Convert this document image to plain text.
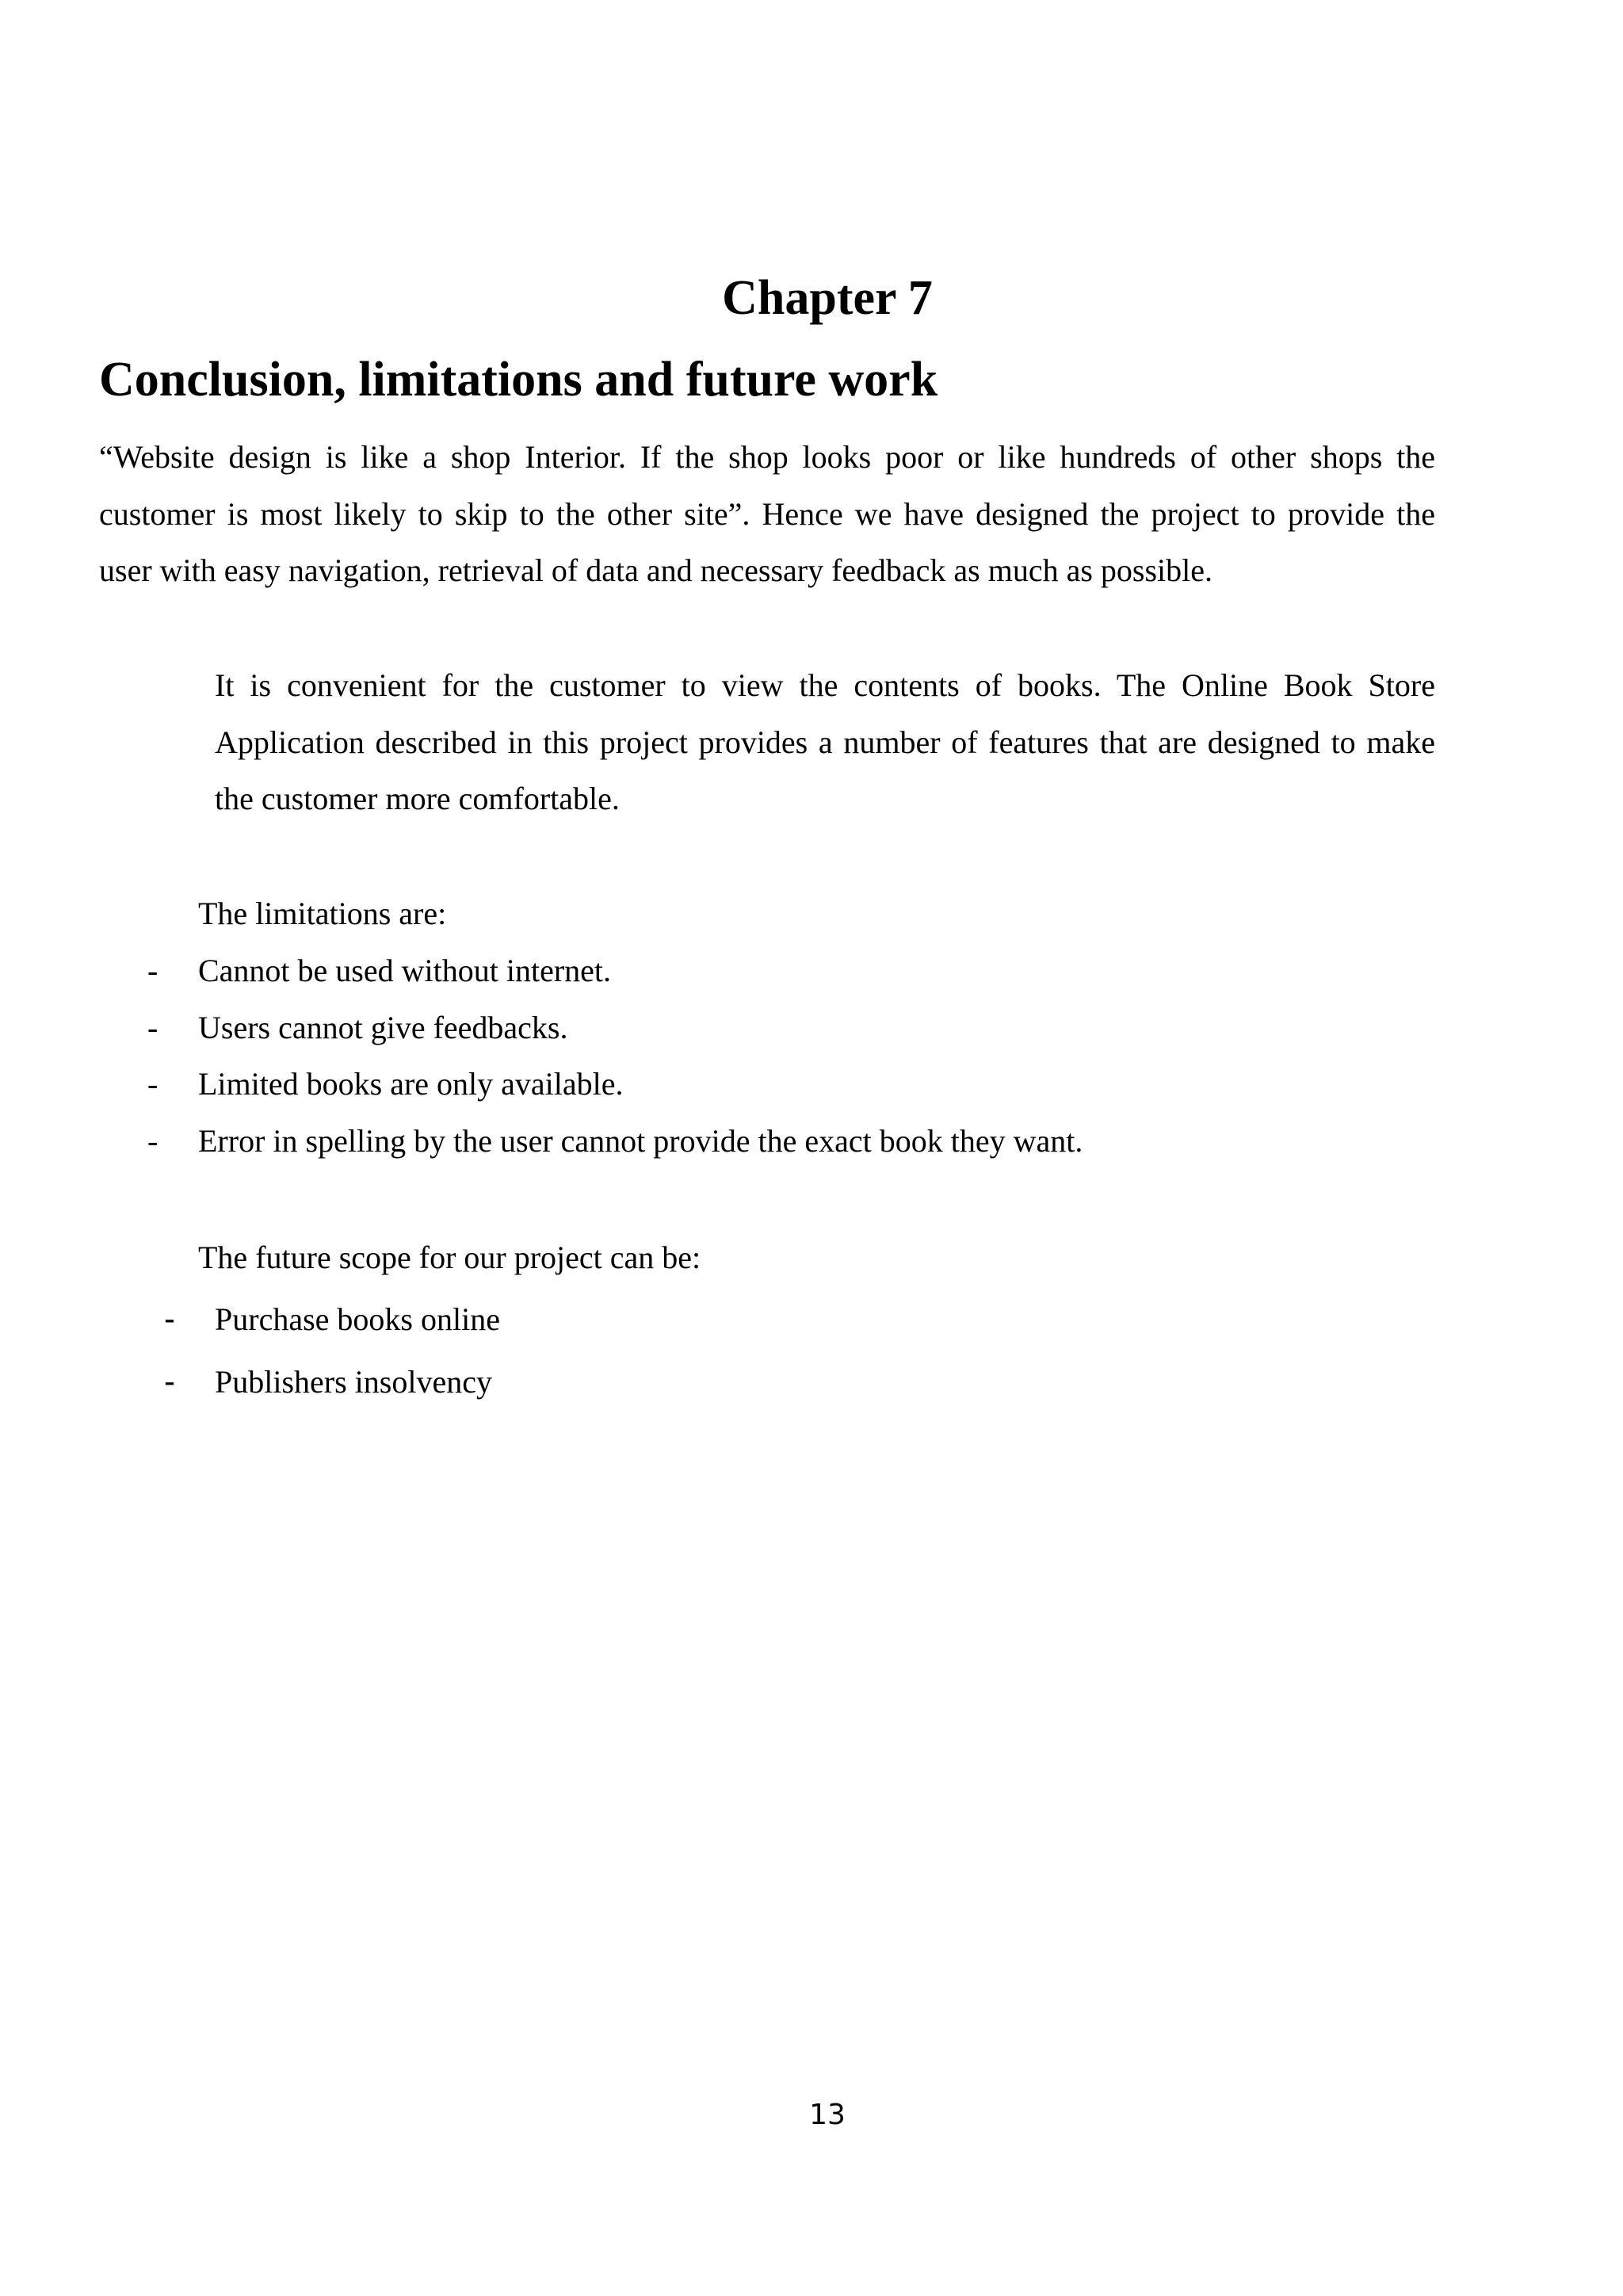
Chapter 7
Conclusion, limitations and future work

“Website design is like a shop Interior. If the shop looks poor or like hundreds of other shops the
customer is most likely to skip to the other site”. Hence we have designed the project to provide the
user with easy navigation, retrieval of data and necessary feedback as much as possible.

It is convenient for the customer to view the contents of books. The Online Book Store
Application described in this project provides a number of features that are designed to make
the customer more comfortable.

The limitations are:

- Cannot be used without internet.
- Users cannot give feedbacks.
- Limited books are only available.
- Error in spelling by the user cannot provide the exact book they want.

The future scope for our project can be:

- Purchase books online
- Publishers insolvency

13
